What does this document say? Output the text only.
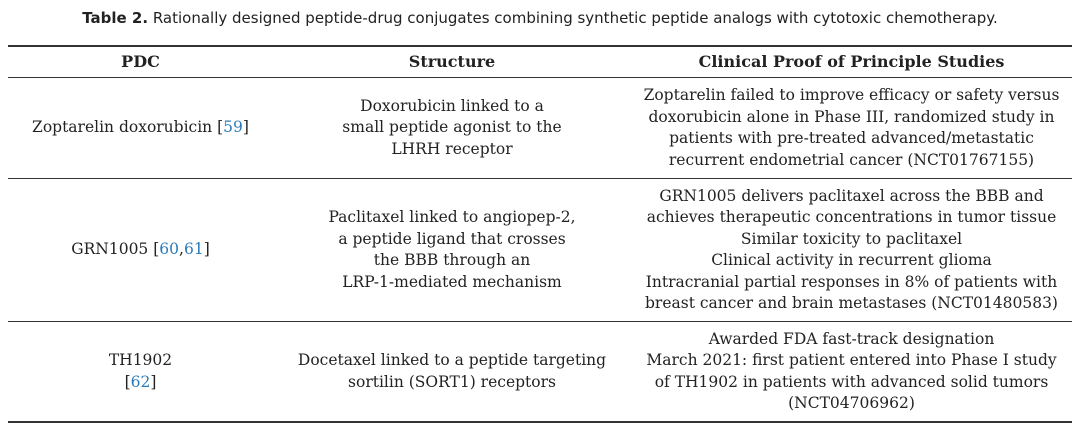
Table 2. Rationally designed peptide-drug conjugates combining synthetic peptide analogs with cytotoxic chemotherapy.
PDC	Structure	Clinical Proof of Principle Studies
Zoptarelin doxorubicin [59]
Doxorubicin linked to a
small peptide agonist to the
LHRH receptor
Zoptarelin failed to improve efficacy or safety versus
doxorubicin alone in Phase III, randomized study in
patients with pre-treated advanced/metastatic
recurrent endometrial cancer (NCT01767155)
GRN1005 [60,61]
Paclitaxel linked to angiopep-2,
a peptide ligand that crosses
the BBB through an
LRP-1-mediated mechanism
GRN1005 delivers paclitaxel across the BBB and
achieves therapeutic concentrations in tumor tissue
Similar toxicity to paclitaxel
Clinical activity in recurrent glioma
Intracranial partial responses in 8% of patients with
breast cancer and brain metastases (NCT01480583)
TH1902
[62]
Docetaxel linked to a peptide targeting
sortilin (SORT1) receptors
Awarded FDA fast-track designation
March 2021: first patient entered into Phase I study
of TH1902 in patients with advanced solid tumors
(NCT04706962)
